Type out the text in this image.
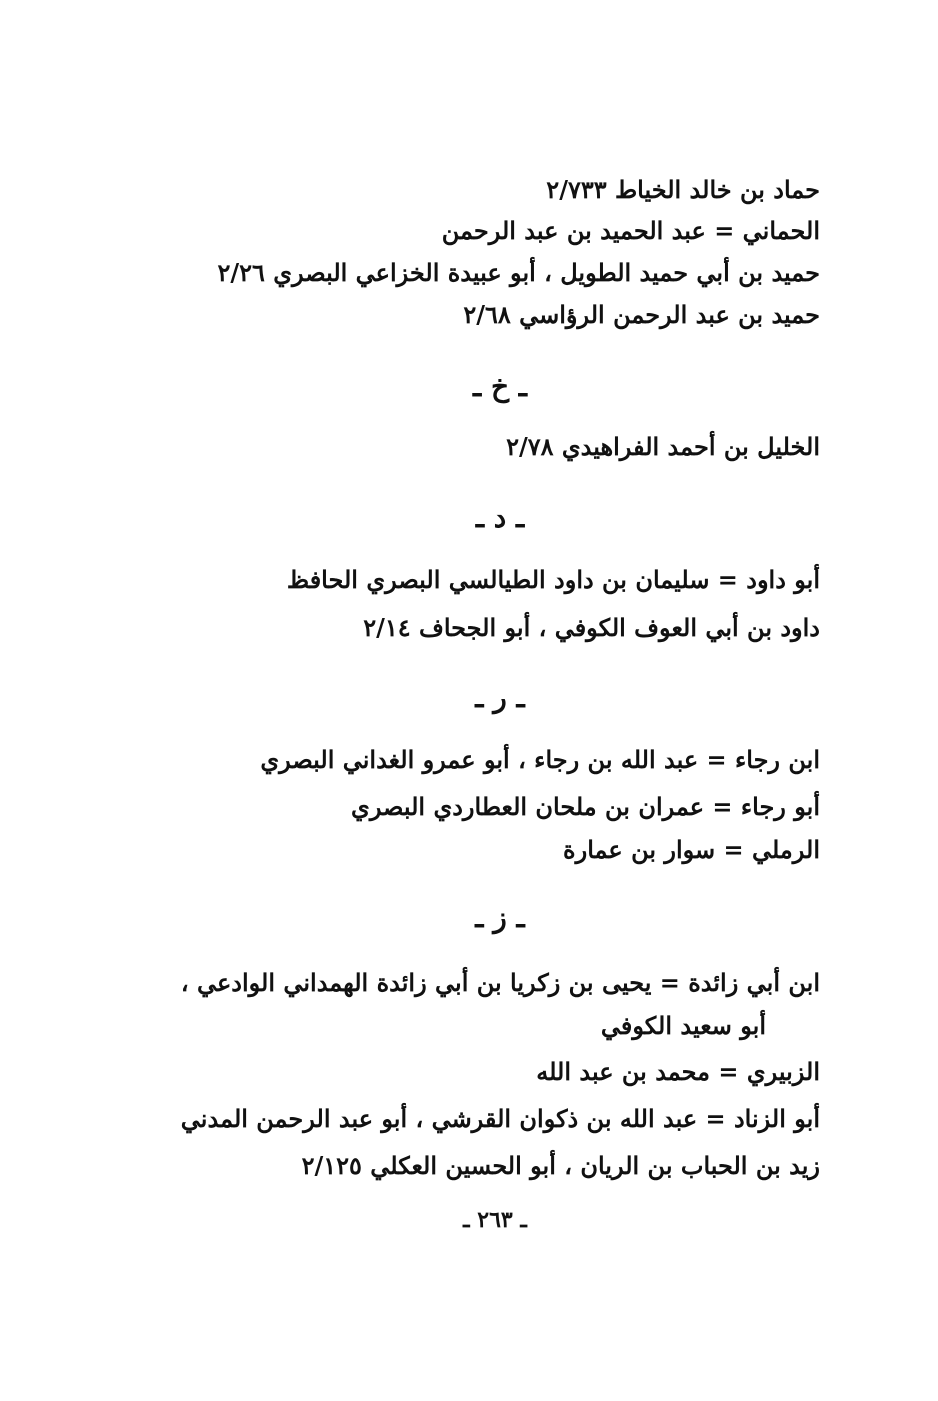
حماد بن خالد الخياط ٢/٧٣٣
الحماني = عبد الحميد بن عبد الرحمن
حميد بن أبي حميد الطويل ، أبو عبيدة الخزاعي البصري ٢/٢٦
حميد بن عبد الرحمن الرؤاسي ٢/٦٨
ـ خ ـ
الخليل بن أحمد الفراهيدي ٢/٧٨
ـ د ـ
أبو داود = سليمان بن داود الطيالسي البصري الحافظ
داود بن أبي العوف الكوفي ، أبو الجحاف ٢/١٤
ـ ر ـ
ابن رجاء = عبد الله بن رجاء ، أبو عمرو الغداني البصري
أبو رجاء = عمران بن ملحان العطاردي البصري
الرملي = سوار بن عمارة
ـ ز ـ
ابن أبي زائدة = يحيى بن زكريا بن أبي زائدة الهمداني الوادعي ،
أبو سعيد الكوفي
الزبيري = محمد بن عبد الله
أبو الزناد = عبد الله بن ذكوان القرشي ، أبو عبد الرحمن المدني
زيد بن الحباب بن الريان ، أبو الحسين العكلي ٢/١٢٥
ـ ٢٦٣ ـ
